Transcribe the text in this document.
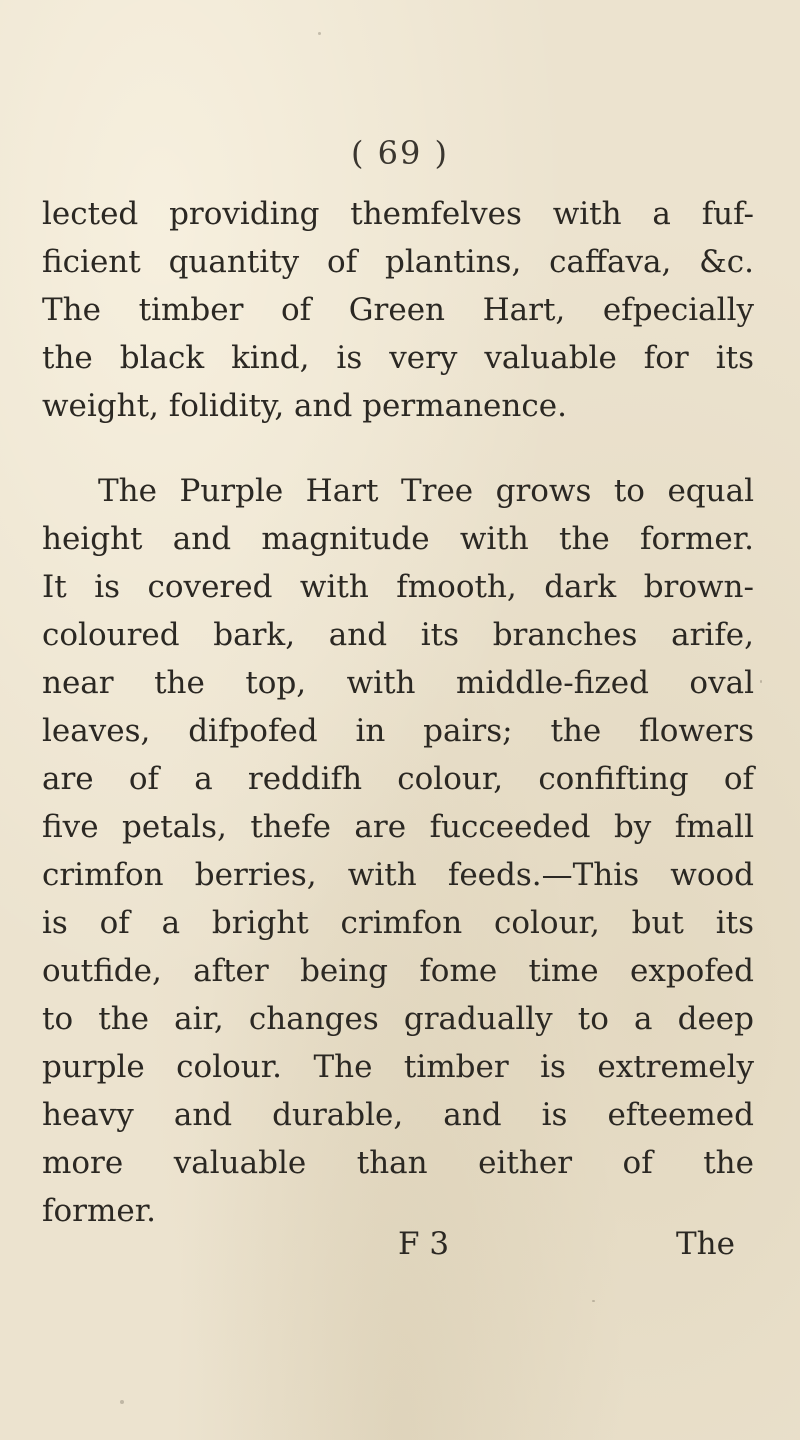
( 69 )
lected providing themfelves with a fuf-
ficient quantity of plantins, caffava, &c.
The timber of Green Hart, efpecially
the black kind, is very valuable for its
weight, folidity, and permanence.
The Purple Hart Tree grows to equal
height and magnitude with the former.
It is covered with fmooth, dark brown-
coloured bark, and its branches arife,
near the top, with middle-fized oval
leaves, difpofed in pairs; the flowers
are of a reddifh colour, confifting of
five petals, thefe are fucceeded by fmall
crimfon berries, with feeds.—This wood
is of a bright crimfon colour, but its
outfide, after being fome time expofed
to the air, changes gradually to a deep
purple colour. The timber is extremely
heavy and durable, and is efteemed
more valuable than either of the
former.
F 3	The
